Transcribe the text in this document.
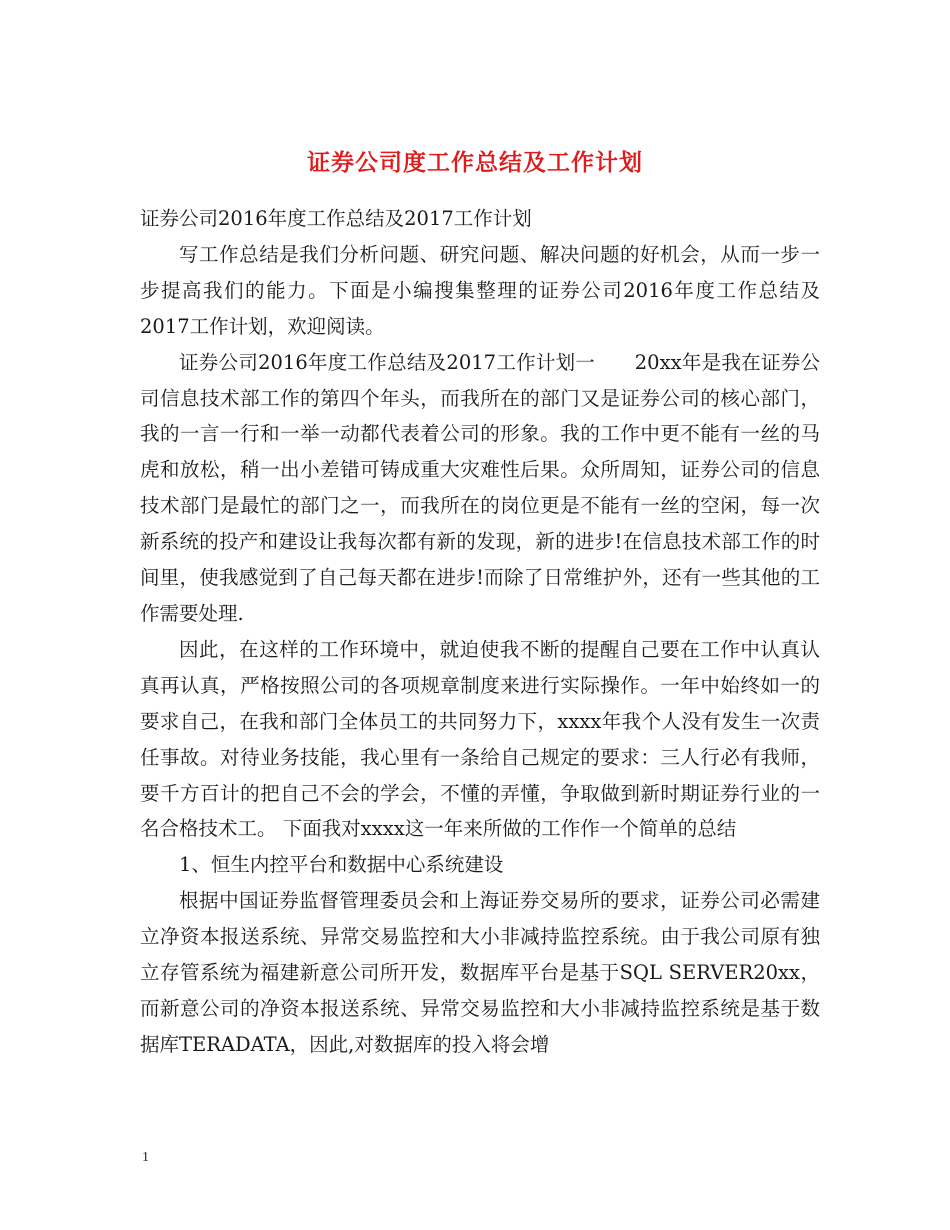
证券公司度工作总结及工作计划

证券公司2016年度工作总结及2017工作计划

写工作总结是我们分析问题、研究问题、解决问题的好机会，从而一步一步提高我们的能力。下面是小编搜集整理的证券公司2016年度工作总结及2017工作计划，欢迎阅读。

证券公司2016年度工作总结及2017工作计划一　　20xx年是我在证券公司信息技术部工作的第四个年头，而我所在的部门又是证券公司的核心部门，我的一言一行和一举一动都代表着公司的形象。我的工作中更不能有一丝的马虎和放松，稍一出小差错可铸成重大灾难性后果。众所周知，证券公司的信息技术部门是最忙的部门之一，而我所在的岗位更是不能有一丝的空闲，每一次新系统的投产和建设让我每次都有新的发现，新的进步!在信息技术部工作的时间里，使我感觉到了自己每天都在进步!而除了日常维护外，还有一些其他的工作需要处理.

因此，在这样的工作环境中，就迫使我不断的提醒自己要在工作中认真认真再认真，严格按照公司的各项规章制度来进行实际操作。一年中始终如一的要求自己，在我和部门全体员工的共同努力下，xxxx年我个人没有发生一次责任事故。对待业务技能，我心里有一条给自己规定的要求：三人行必有我师，要千方百计的把自己不会的学会，不懂的弄懂，争取做到新时期证券行业的一名合格技术工。 下面我对xxxx这一年来所做的工作作一个简单的总结

1、恒生内控平台和数据中心系统建设

根据中国证券监督管理委员会和上海证券交易所的要求，证券公司必需建立净资本报送系统、异常交易监控和大小非减持监控系统。由于我公司原有独立存管系统为福建新意公司所开发，数据库平台是基于SQL SERVER20xx，而新意公司的净资本报送系统、异常交易监控和大小非减持监控系统是基于数据库TERADATA，因此,对数据库的投入将会增

1
